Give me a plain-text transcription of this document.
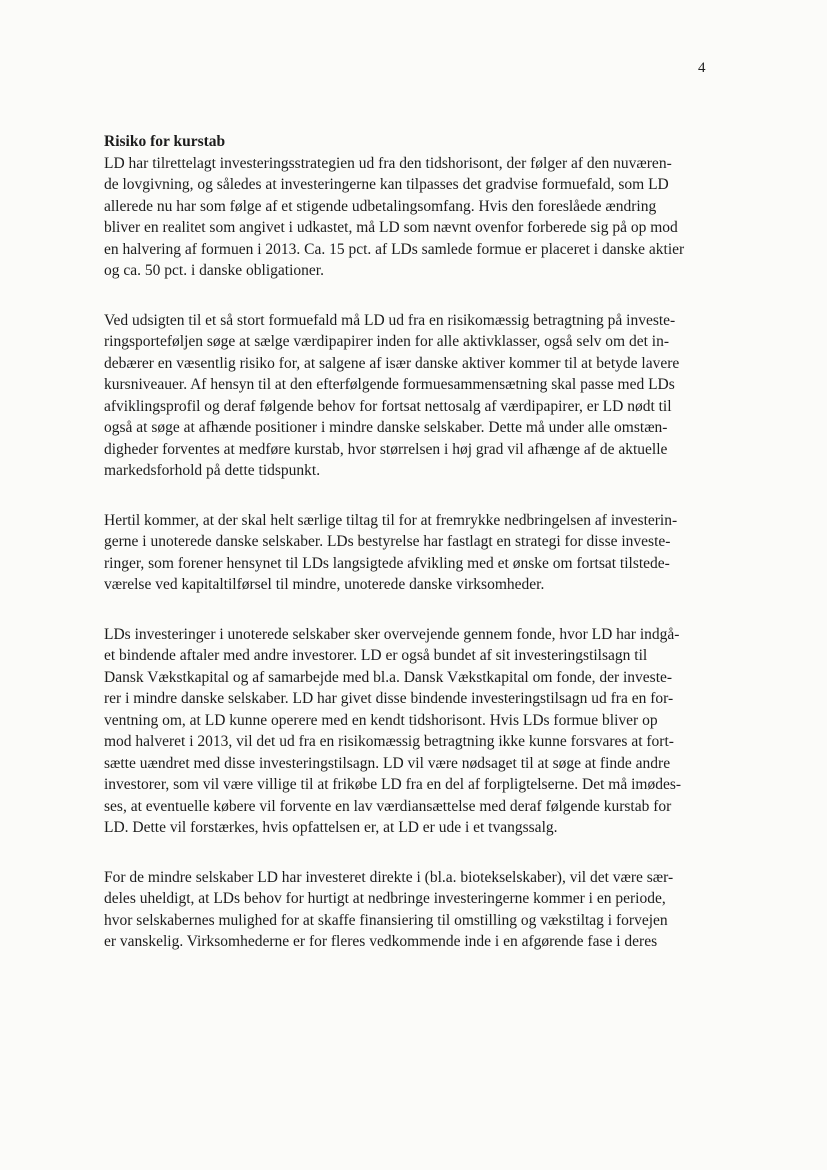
4
Risiko for kurstab
LD har tilrettelagt investeringsstrategien ud fra den tidshorisont, der følger af den nuværen-
de lovgivning, og således at investeringerne kan tilpasses det gradvise formuefald, som LD
allerede nu har som følge af et stigende udbetalingsomfang. Hvis den foreslåede ændring
bliver en realitet som angivet i udkastet, må LD som nævnt ovenfor forberede sig på op mod
en halvering af formuen i 2013. Ca. 15 pct. af LDs samlede formue er placeret i danske aktier
og ca. 50 pct. i danske obligationer.
Ved udsigten til et så stort formuefald må LD ud fra en risikomæssig betragtning på investe-
ringsporteføljen søge at sælge værdipapirer inden for alle aktivklasser, også selv om det in-
debærer en væsentlig risiko for, at salgene af især danske aktiver kommer til at betyde lavere
kursniveauer. Af hensyn til at den efterfølgende formuesammensætning skal passe med LDs
afviklingsprofil og deraf følgende behov for fortsat nettosalg af værdipapirer, er LD nødt til
også at søge at afhænde positioner i mindre danske selskaber. Dette må under alle omstæn-
digheder forventes at medføre kurstab, hvor størrelsen i høj grad vil afhænge af de aktuelle
markedsforhold på dette tidspunkt.
Hertil kommer, at der skal helt særlige tiltag til for at fremrykke nedbringelsen af investerin-
gerne i unoterede danske selskaber. LDs bestyrelse har fastlagt en strategi for disse investe-
ringer, som forener hensynet til LDs langsigtede afvikling med et ønske om fortsat tilstede-
værelse ved kapitaltilførsel til mindre, unoterede danske virksomheder.
LDs investeringer i unoterede selskaber sker overvejende gennem fonde, hvor LD har indgå-
et bindende aftaler med andre investorer. LD er også bundet af sit investeringstilsagn til
Dansk Vækstkapital og af samarbejde med bl.a. Dansk Vækstkapital om fonde, der investe-
rer i mindre danske selskaber. LD har givet disse bindende investeringstilsagn ud fra en for-
ventning om, at LD kunne operere med en kendt tidshorisont. Hvis LDs formue bliver op
mod halveret i 2013, vil det ud fra en risikomæssig betragtning ikke kunne forsvares at fort-
sætte uændret med disse investeringstilsagn. LD vil være nødsaget til at søge at finde andre
investorer, som vil være villige til at frikøbe LD fra en del af forpligtelserne. Det må imødes-
ses, at eventuelle købere vil forvente en lav værdiansættelse med deraf følgende kurstab for
LD. Dette vil forstærkes, hvis opfattelsen er, at LD er ude i et tvangssalg.
For de mindre selskaber LD har investeret direkte i (bl.a. biotekselskaber), vil det være sær-
deles uheldigt, at LDs behov for hurtigt at nedbringe investeringerne kommer i en periode,
hvor selskabernes mulighed for at skaffe finansiering til omstilling og vækstiltag i forvejen
er vanskelig. Virksomhederne er for fleres vedkommende inde i en afgørende fase i deres
